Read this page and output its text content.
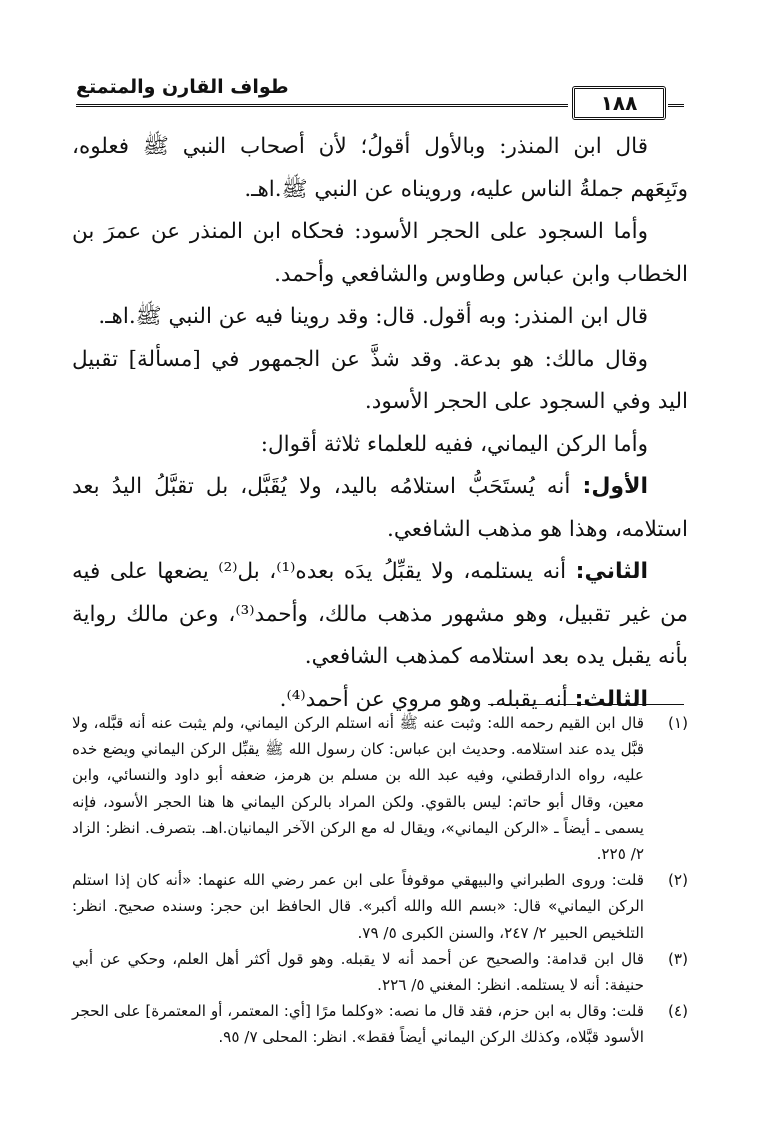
طواف القارن والمتمتع
١٨٨

قال ابن المنذر: وبالأول أقولُ؛ لأن أصحاب النبي ﷺ فعلوه، وتَبِعَهم جملةُ الناس عليه، ورويناه عن النبي ﷺ.اهـ.

وأما السجود على الحجر الأسود: فحكاه ابن المنذر عن عمرَ بن الخطاب وابن عباس وطاوس والشافعي وأحمد.

قال ابن المنذر: وبه أقول. قال: وقد روينا فيه عن النبي ﷺ.اهـ.

وقال مالك: هو بدعة. وقد شذَّ عن الجمهور في [مسألة] تقبيل اليد وفي السجود على الحجر الأسود.

وأما الركن اليماني، ففيه للعلماء ثلاثة أقوال:

الأول: أنه يُستَحَبُّ استلامُه باليد، ولا يُقَبَّل، بل تقبَّلُ اليدُ بعد استلامه، وهذا هو مذهب الشافعي.

الثاني: أنه يستلمه، ولا يقبِّلُ يدَه بعده⁽¹⁾، بل⁽²⁾ يضعها على فيه من غير تقبيل، وهو مشهور مذهب مالك، وأحمد⁽³⁾، وعن مالك رواية بأنه يقبل يده بعد استلامه كمذهب الشافعي.

الثالث: أنه يقبله. وهو مروي عن أحمد⁽⁴⁾.

(١)
قال ابن القيم رحمه الله: وثبت عنه ﷺ أنه استلم الركن اليماني، ولم يثبت عنه أنه قبَّله، ولا قبَّل يده عند استلامه. وحديث ابن عباس: كان رسول الله ﷺ يقبِّل الركن اليماني ويضع خده عليه، رواه الدارقطني، وفيه عبد الله بن مسلم بن هرمز، ضعفه أبو داود والنسائي، وابن معين، وقال أبو حاتم: ليس بالقوي. ولكن المراد بالركن اليماني ها هنا الحجر الأسود، فإنه يسمى ـ أيضاً ـ «الركن اليماني»، ويقال له مع الركن الآخر اليمانيان.اهـ. بتصرف. انظر: الزاد ٢/ ٢٢٥.

(٢)
قلت: وروى الطبراني والبيهقي موقوفاً على ابن عمر رضي الله عنهما: «أنه كان إذا استلم الركن اليماني» قال: «بسم الله والله أكبر». قال الحافظ ابن حجر: وسنده صحيح. انظر: التلخيص الحبير ٢/ ٢٤٧، والسنن الكبرى ٥/ ٧٩.

(٣)
قال ابن قدامة: والصحيح عن أحمد أنه لا يقبله. وهو قول أكثر أهل العلم، وحكي عن أبي حنيفة: أنه لا يستلمه. انظر: المغني ٥/ ٢٢٦.

(٤)
قلت: وقال به ابن حزم، فقد قال ما نصه: «وكلما مرًا [أي: المعتمر، أو المعتمرة] على الحجر الأسود قبَّلاه، وكذلك الركن اليماني أيضاً فقط». انظر: المحلى ٧/ ٩٥.
